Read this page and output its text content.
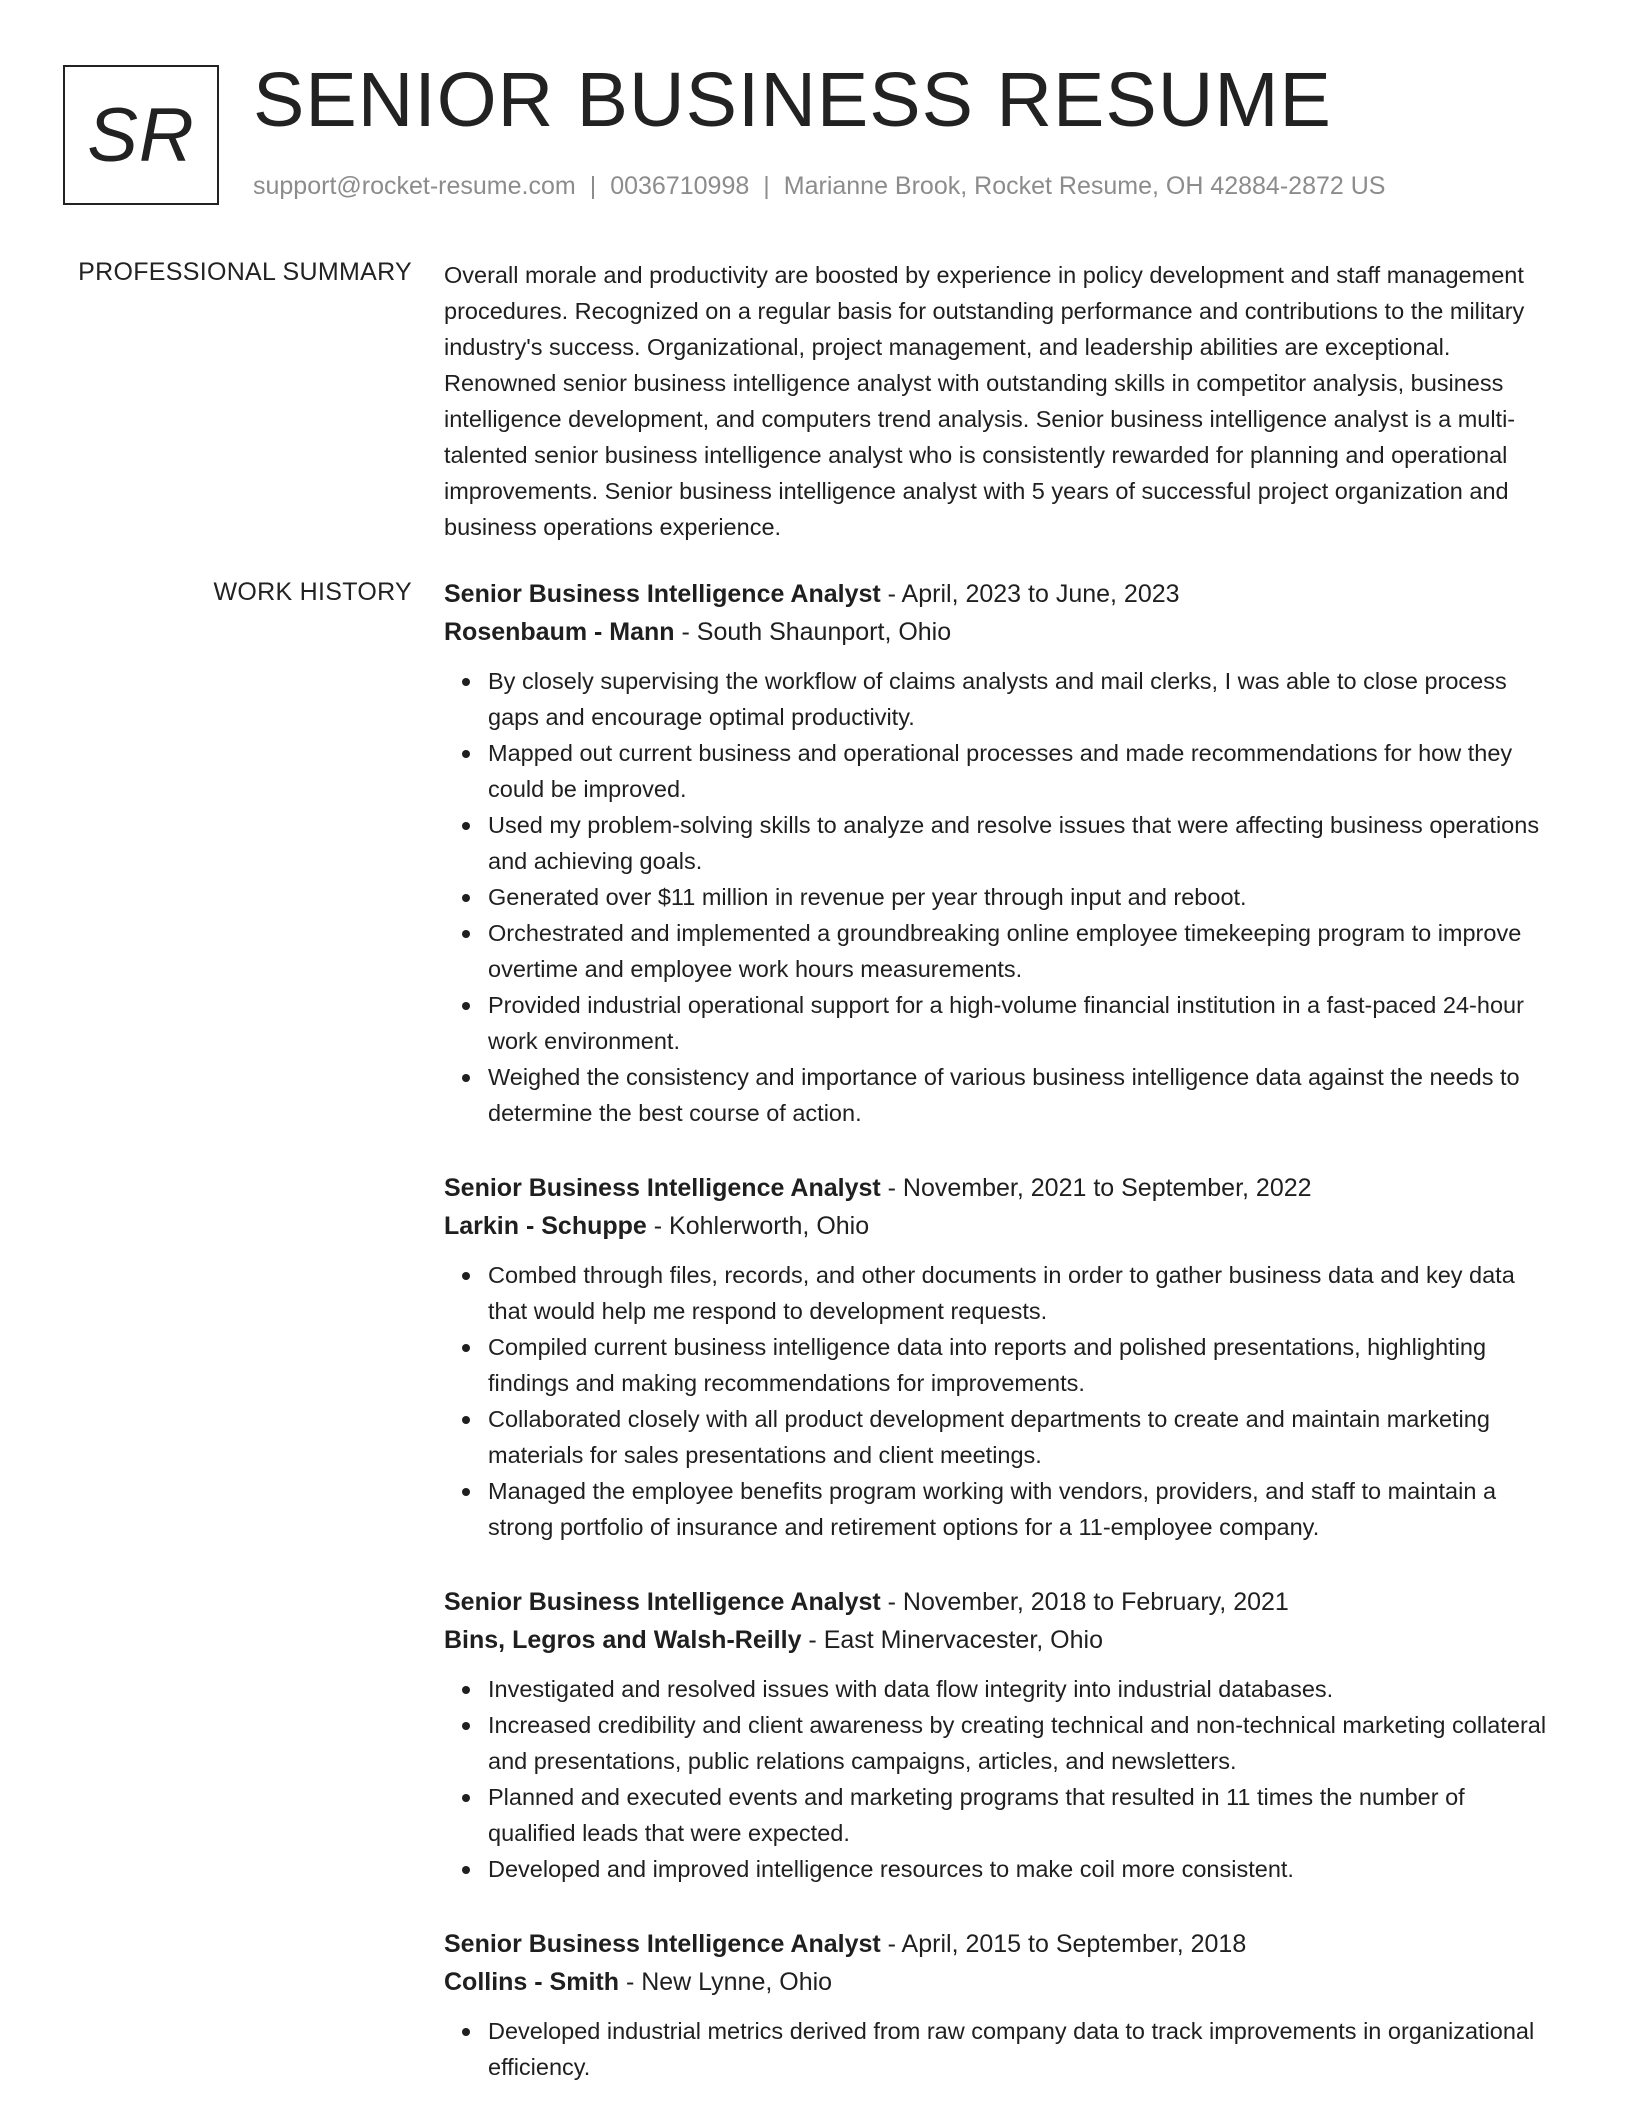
SR SENIOR BUSINESS RESUME
support@rocket-resume.com | 0036710998 | Marianne Brook, Rocket Resume, OH 42884-2872 US
PROFESSIONAL SUMMARY Overall morale and productivity are boosted by experience in policy development and staff management procedures. Recognized on a regular basis for outstanding performance and contributions to the military industry's success. Organizational, project management, and leadership abilities are exceptional. Renowned senior business intelligence analyst with outstanding skills in competitor analysis, business intelligence development, and computers trend analysis. Senior business intelligence analyst is a multi-talented senior business intelligence analyst who is consistently rewarded for planning and operational improvements. Senior business intelligence analyst with 5 years of successful project organization and business operations experience.

WORK HISTORY Senior Business Intelligence Analyst - April, 2023 to June, 2023
Rosenbaum - Mann - South Shaunport, Ohio
By closely supervising the workflow of claims analysts and mail clerks, I was able to close process gaps and encourage optimal productivity.
Mapped out current business and operational processes and made recommendations for how they could be improved.
Used my problem-solving skills to analyze and resolve issues that were affecting business operations and achieving goals.
Generated over $11 million in revenue per year through input and reboot.
Orchestrated and implemented a groundbreaking online employee timekeeping program to improve overtime and employee work hours measurements.
Provided industrial operational support for a high-volume financial institution in a fast-paced 24-hour work environment.
Weighed the consistency and importance of various business intelligence data against the needs to determine the best course of action.
Senior Business Intelligence Analyst - November, 2021 to September, 2022
Larkin - Schuppe - Kohlerworth, Ohio
Combed through files, records, and other documents in order to gather business data and key data that would help me respond to development requests.
Compiled current business intelligence data into reports and polished presentations, highlighting findings and making recommendations for improvements.
Collaborated closely with all product development departments to create and maintain marketing materials for sales presentations and client meetings.
Managed the employee benefits program working with vendors, providers, and staff to maintain a strong portfolio of insurance and retirement options for a 11-employee company.
Senior Business Intelligence Analyst - November, 2018 to February, 2021
Bins, Legros and Walsh-Reilly - East Minervacester, Ohio
Investigated and resolved issues with data flow integrity into industrial databases.
Increased credibility and client awareness by creating technical and non-technical marketing collateral and presentations, public relations campaigns, articles, and newsletters.
Planned and executed events and marketing programs that resulted in 11 times the number of qualified leads that were expected.
Developed and improved intelligence resources to make coil more consistent.
Senior Business Intelligence Analyst - April, 2015 to September, 2018
Collins - Smith - New Lynne, Ohio
Developed industrial metrics derived from raw company data to track improvements in organizational efficiency.
